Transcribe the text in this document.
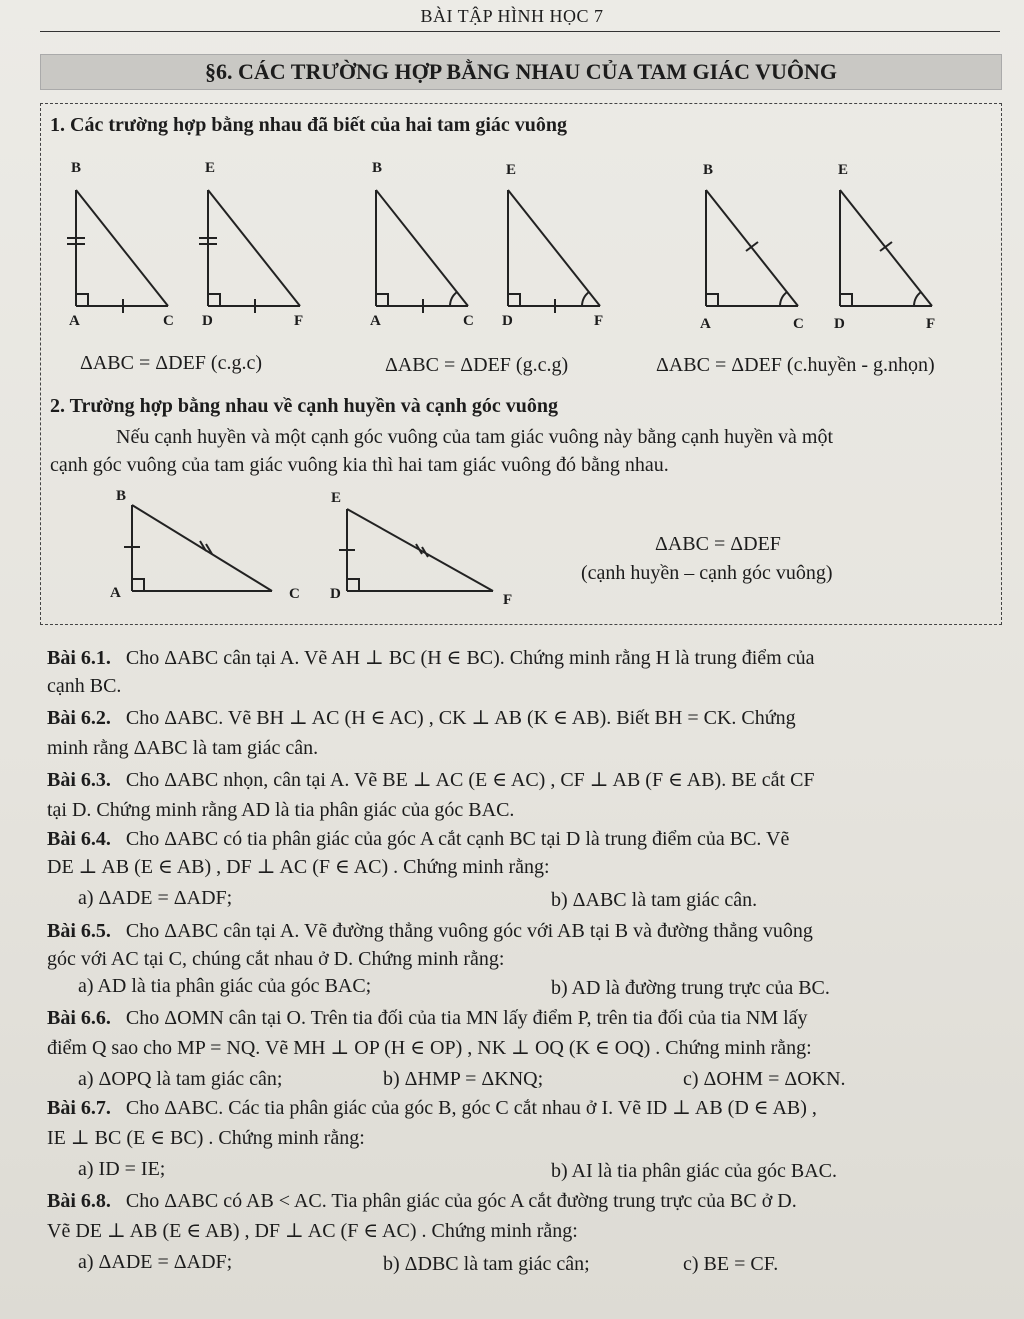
BÀI TẬP HÌNH HỌC 7
§6. CÁC TRƯỜNG HỢP BẰNG NHAU CỦA TAM GIÁC VUÔNG
1. Các trường hợp bằng nhau đã biết của hai tam giác vuông
B
A	C
E
D	F
B
A	C
E
D	F
B
A	C
E
D	F
ΔABC = ΔDEF (c.g.c)	ΔABC = ΔDEF (g.c.g)	ΔABC = ΔDEF (c.huyền - g.nhọn)
2. Trường hợp bằng nhau về cạnh huyền và cạnh góc vuông
Nếu cạnh huyền và một cạnh góc vuông của tam giác vuông này bằng cạnh huyền và một
cạnh góc vuông của tam giác vuông kia thì hai tam giác vuông đó bằng nhau.
B
A	C
E
D	F
ΔABC = ΔDEF
(cạnh huyền – cạnh góc vuông)
Bài 6.1. Cho ΔABC cân tại A. Vẽ AH ⊥ BC (H ∈ BC). Chứng minh rằng H là trung điểm của
cạnh BC.
Bài 6.2. Cho ΔABC. Vẽ BH ⊥ AC (H ∈ AC) , CK ⊥ AB (K ∈ AB). Biết BH = CK. Chứng
minh rằng ΔABC là tam giác cân.
Bài 6.3. Cho ΔABC nhọn, cân tại A. Vẽ BE ⊥ AC (E ∈ AC) , CF ⊥ AB (F ∈ AB). BE cắt CF
tại D. Chứng minh rằng AD là tia phân giác của góc BAC.
Bài 6.4. Cho ΔABC có tia phân giác của góc A cắt cạnh BC tại D là trung điểm của BC. Vẽ
DE ⊥ AB (E ∈ AB) , DF ⊥ AC (F ∈ AC) . Chứng minh rằng:
a) ΔADE = ΔADF;	b) ΔABC là tam giác cân.
Bài 6.5. Cho ΔABC cân tại A. Vẽ đường thẳng vuông góc với AB tại B và đường thẳng vuông
góc với AC tại C, chúng cắt nhau ở D. Chứng minh rằng:
a) AD là tia phân giác của góc BAC;	b) AD là đường trung trực của BC.
Bài 6.6. Cho ΔOMN cân tại O. Trên tia đối của tia MN lấy điểm P, trên tia đối của tia NM lấy
điểm Q sao cho MP = NQ. Vẽ MH ⊥ OP (H ∈ OP) , NK ⊥ OQ (K ∈ OQ) . Chứng minh rằng:
a) ΔOPQ là tam giác cân;	b) ΔHMP = ΔKNQ;	c) ΔOHM = ΔOKN.
Bài 6.7. Cho ΔABC. Các tia phân giác của góc B, góc C cắt nhau ở I. Vẽ ID ⊥ AB (D ∈ AB) ,
IE ⊥ BC (E ∈ BC) . Chứng minh rằng:
a) ID = IE;	b) AI là tia phân giác của góc BAC.
Bài 6.8. Cho ΔABC có AB < AC. Tia phân giác của góc A cắt đường trung trực của BC ở D.
Vẽ DE ⊥ AB (E ∈ AB) , DF ⊥ AC (F ∈ AC) . Chứng minh rằng:
a) ΔADE = ΔADF;	b) ΔDBC là tam giác cân;	c) BE = CF.
